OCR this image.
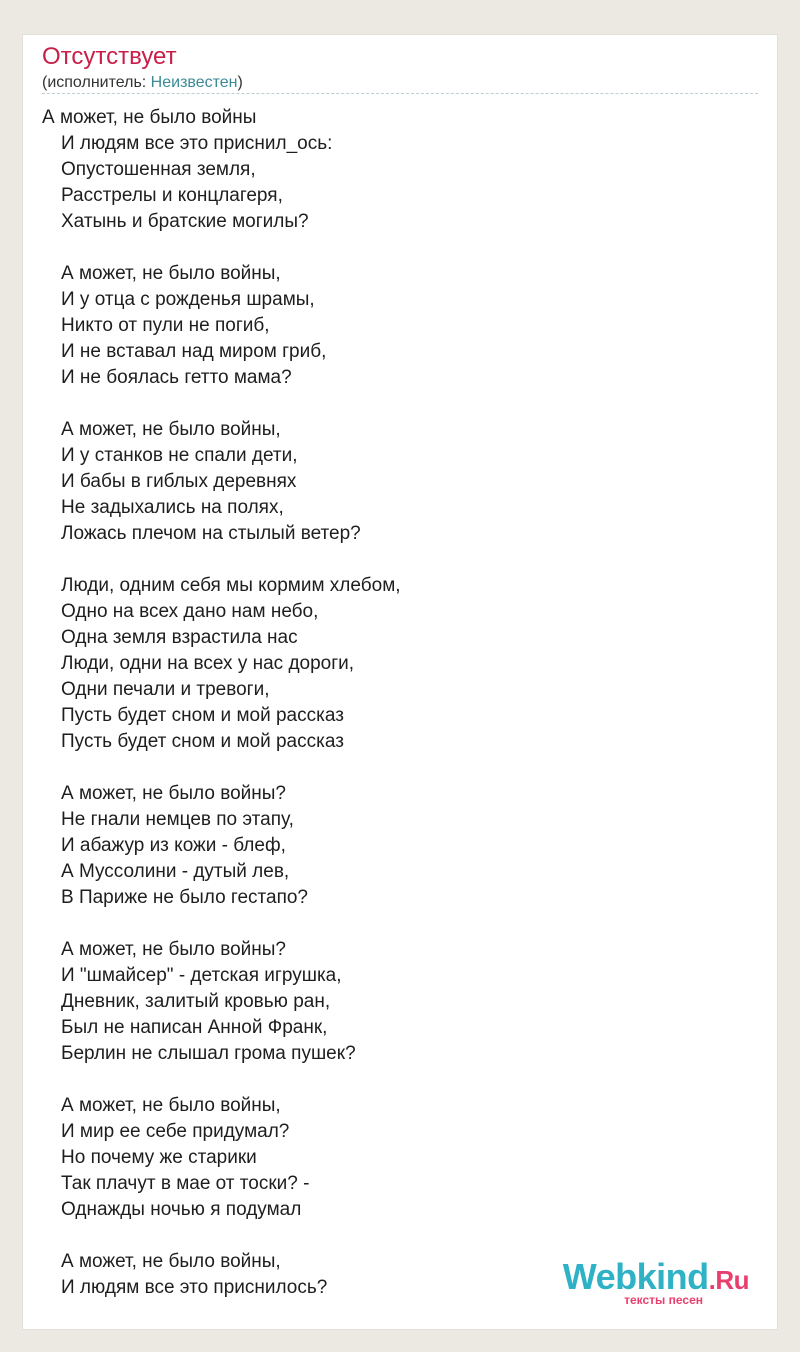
Отсутствует
(исполнитель: Неизвестен)
А может, не было войны
И людям все это приснил_ось:
Опустошенная земля,
Расстрелы и концлагеря,
Хатынь и братские могилы?
А может, не было войны,
И у отца с рожденья шрамы,
Никто от пули не погиб,
И не вставал над миром гриб,
И не боялась гетто мама?
А может, не было войны,
И у станков не спали дети,
И бабы в гиблых деревнях
Не задыхались на полях,
Ложась плечом на стылый ветер?
Люди, одним себя мы кормим хлебом,
Одно на всех дано нам небо,
Одна земля взрастила нас
Люди, одни на всех у нас дороги,
Одни печали и тревоги,
Пусть будет сном и мой рассказ
Пусть будет сном и мой рассказ
А может, не было войны?
Не гнали немцев по этапу,
И абажур из кожи - блеф,
А Муссолини - дутый лев,
В Париже не было гестапо?
А может, не было войны?
И "шмайсер" - детская игрушка,
Дневник, залитый кровью ран,
Был не написан Анной Франк,
Берлин не слышал грома пушек?
А может, не было войны,
И мир ее себе придумал?
Но почему же старики
Так плачут в мае от тоски? -
Однажды ночью я подумал
А может, не было войны,
И людям все это приснилось?	Webkind.Ru
тексты песен
